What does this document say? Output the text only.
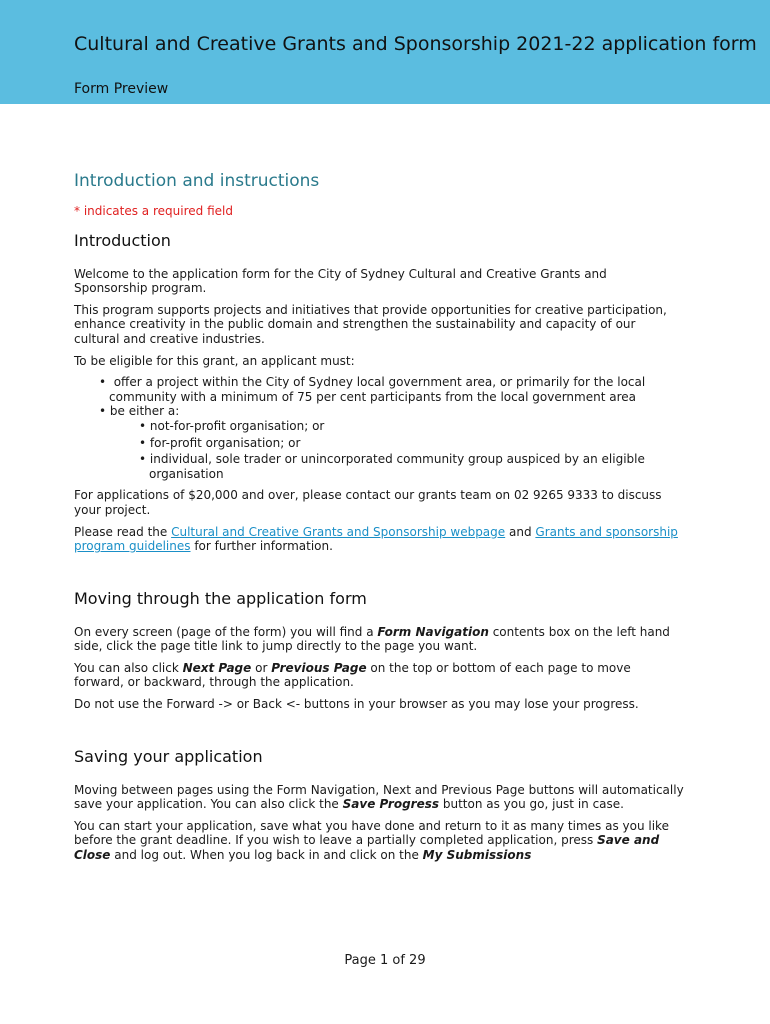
Cultural and Creative Grants and Sponsorship 2021-22 application form
Form Preview
Introduction and instructions
* indicates a required field
Introduction

Welcome to the application form for the City of Sydney Cultural and Creative Grants and Sponsorship program.

This program supports projects and initiatives that provide opportunities for creative participation, enhance creativity in the public domain and strengthen the sustainability and capacity of our cultural and creative industries.

To be eligible for this grant, an applicant must:

•  offer a project within the City of Sydney local government area, or primarily for the local community with a minimum of 75 per cent participants from the local government area
• be either a:
• not-for-profit organisation; or
• for-profit organisation; or
• individual, sole trader or unincorporated community group auspiced by an eligible organisation

For applications of $20,000 and over, please contact our grants team on 02 9265 9333 to discuss your project.

Please read the Cultural and Creative Grants and Sponsorship webpage and Grants and sponsorship program guidelines for further information.

Moving through the application form

On every screen (page of the form) you will find a Form Navigation contents box on the left hand side, click the page title link to jump directly to the page you want.

You can also click Next Page or Previous Page on the top or bottom of each page to move forward, or backward, through the application.

Do not use the Forward -> or Back <- buttons in your browser as you may lose your progress.

Saving your application

Moving between pages using the Form Navigation, Next and Previous Page buttons will automatically save your application. You can also click the Save Progress button as you go, just in case.

You can start your application, save what you have done and return to it as many times as you like before the grant deadline. If you wish to leave a partially completed application, press Save and Close and log out. When you log back in and click on the My Submissions

Page 1 of 29
